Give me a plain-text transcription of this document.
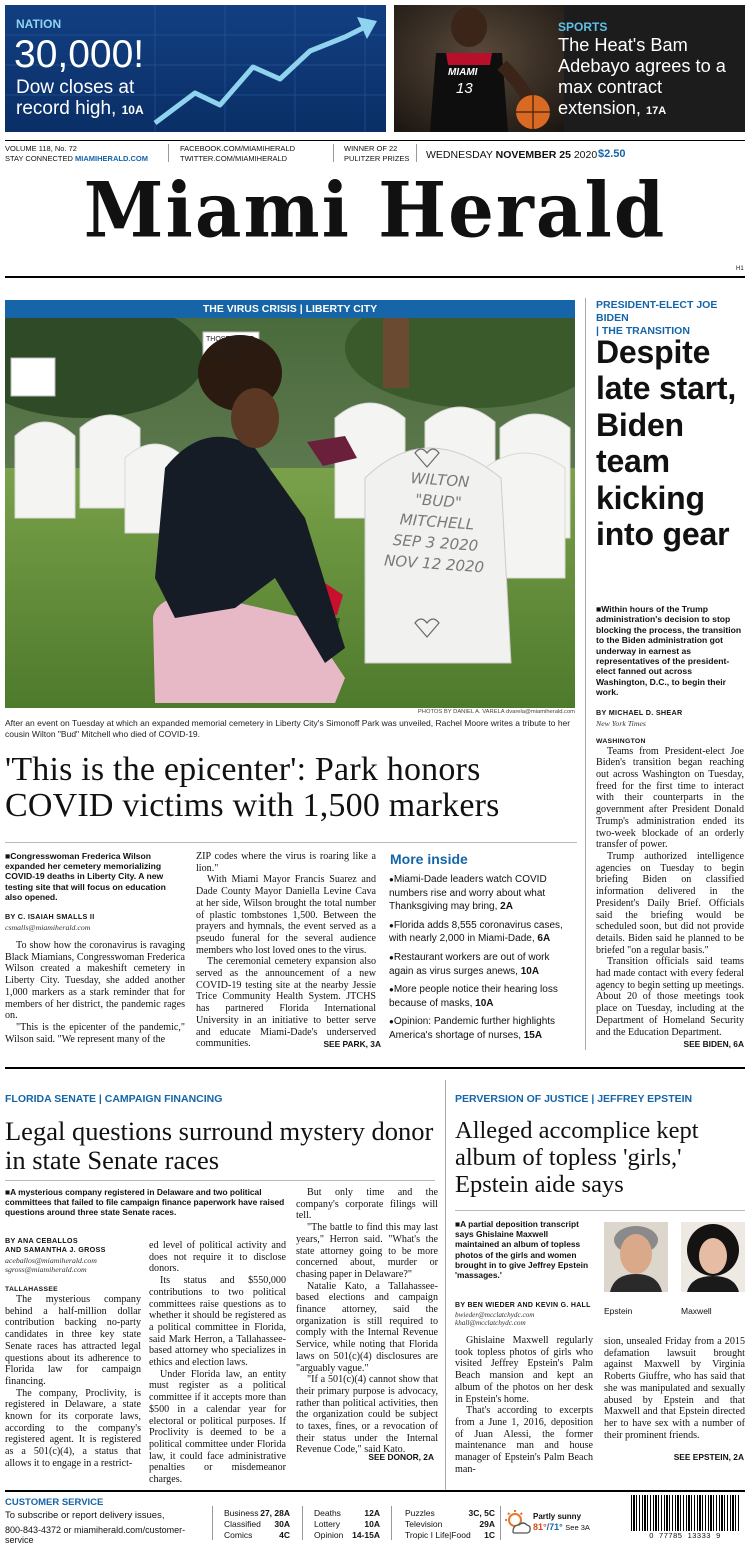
NATION
30,000!
Dow closes at record high, 10A
MIAMI
13
SPORTS
The Heat's Bam Adebayo agrees to a max contract extension, 17A
VOLUME 118, No. 72
STAY CONNECTED MIAMIHERALD.COM
FACEBOOK.COM/MIAMIHERALD
TWITTER.COM/MIAMIHERALD
WINNER OF 22
PULITZER PRIZES WEDNESDAY NOVEMBER 25 2020 $2.50
Miami Herald
H1
THE VIRUS CRISIS | LIBERTY CITY
THOSE WE'VE LOST TO COVID-19
WILTON
"BUD"
MITCHELL
SEP 3 2020
NOV 12 2020
PHOTOS BY DANIEL A. VARELA dvarela@miamiherald.com
After an event on Tuesday at which an expanded memorial cemetery in Liberty City's Simonoff Park was unveiled, Rachel Moore writes a tribute to her cousin Wilton "Bud" Mitchell who died of COVID-19.
'This is the epicenter': Park honors COVID victims with 1,500 markers

■ Congresswoman Frederica Wilson expanded her cemetery memorializing COVID-19 deaths in Liberty City. A new testing site that will focus on education also opened.

BY C. ISAIAH SMALLS II

csmalls@miamiherald.com

To show how the coronavirus is ravaging Black Miamians, Congresswoman Frederica Wilson created a makeshift cemetery in Liberty City. Tuesday, she added another 1,000 markers as a stark reminder that for members of her district, the pandemic rages on.

"This is the epicenter of the pandemic," Wilson said. "We represent many of the

ZIP codes where the virus is roaring like a lion."

With Miami Mayor Francis Suarez and Dade County Mayor Daniella Levine Cava at her side, Wilson brought the total number of plastic tombstones 1,500. Between the prayers and hymnals, the event served as a pseudo funeral for the several audience members who lost loved ones to the virus.

The ceremonial cemetery expansion also served as the announcement of a new COVID-19 testing site at the nearby Jessie Trice Community Health System. JTCHS has partnered Florida International University in an initiative to better serve and educate Miami-Dade's underserved communities.	SEE PARK, 3A
More inside
●Miami-Dade leaders watch COVID numbers rise and worry about what Thanksgiving may bring, 2A
●Florida adds 8,555 coronavirus cases, with nearly 2,000 in Miami-Dade, 6A
●Restaurant workers are out of work again as virus surges anews, 10A
●More people notice their hearing loss because of masks, 10A
●Opinion: Pandemic further highlights America's shortage of nurses, 15A
PRESIDENT-ELECT JOE BIDEN
| THE TRANSITION
Despite late start, Biden team kicking into gear

■ Within hours of the Trump administration's decision to stop blocking the process, the transition to the Biden administration got underway in earnest as representatives of the president-elect fanned out across Washington, D.C., to begin their work.

BY MICHAEL D. SHEAR

New York Times

WASHINGTON

Teams from President-elect Joe Biden's transition began reaching out across Washington on Tuesday, freed for the first time to interact with their counterparts in the government after President Donald Trump's administration ended its two-week blockade of an orderly transfer of power.

Trump authorized intelligence agencies on Tuesday to begin briefing Biden on classified information delivered in the President's Daily Brief. Officials said the briefing would be scheduled soon, but did not provide details. Biden said he planned to be briefed "on a regular basis."

Transition officials said teams had made contact with every federal agency to begin setting up meetings. About 20 of those meetings took place on Tuesday, including at the Department of Homeland Security and the Education Department.

SEE BIDEN, 6A
FLORIDA SENATE | CAMPAIGN FINANCING
Legal questions surround mystery donor in state Senate races

■ A mysterious company registered in Delaware and two political committees that failed to file campaign finance paperwork have raised questions around three state Senate races.

BY ANA CEBALLOS

AND SAMANTHA J. GROSS

aceballos@miamiherald.com

sgross@miamiherald.com

TALLAHASSEE

The mysterious company behind a half-million dollar contribution backing no-party candidates in three key state Senate races has attracted legal questions about its adherence to Florida law for campaign financing.

The company, Proclivity, is registered in Delaware, a state known for its corporate laws, according to the company's registered agent. It is registered as a 501(c)(4), a status that allows it to engage in a restrict-

ed level of political activity and does not require it to disclose donors.

Its status and $550,000 contributions to two political committees raise questions as to whether it should be registered as a political committee in Florida, said Mark Herron, a Tallahassee-based attorney who specializes in ethics and election laws.

Under Florida law, an entity must register as a political committee if it accepts more than $500 in a calendar year for electoral or political purposes. If Proclivity is deemed to be a political committee under Florida law, it could face administrative penalties or misdemeanor charges.

But only time and the company's corporate filings will tell.

"The battle to find this may last years," Herron said. "What's the state attorney going to be more concerned about, murder or chasing paper in Delaware?"

Natalie Kato, a Tallahassee-based elections and campaign finance attorney, said the organization is still required to comply with the Internal Revenue Service, while noting that Florida laws on 501(c)(4) disclosures are "arguably vague."

"If a 501(c)(4) cannot show that their primary purpose is advocacy, rather than political activities, then the organization could be subject to taxes, fines, or a revocation of their status under the Internal Revenue Code," said Kato.

SEE DONOR, 2A
PERVERSION OF JUSTICE | JEFFREY EPSTEIN
Alleged accomplice kept album of topless 'girls,' Epstein aide says

■ A partial deposition transcript says Ghislaine Maxwell maintained an album of topless photos of the girls and women brought in to give Jeffrey Epstein 'massages.'

Epstein	Maxwell

BY BEN WIEDER AND KEVIN G. HALL

bwieder@mcclatchydc.com

khall@mcclatchydc.com

Ghislaine Maxwell regularly took topless photos of girls who visited Jeffrey Epstein's Palm Beach mansion and kept an album of the photos on her desk in Epstein's home.

That's according to excerpts from a June 1, 2016, deposition of Juan Alessi, the former maintenance man and house manager of Epstein's Palm Beach man-

sion, unsealed Friday from a 2015 defamation lawsuit brought against Maxwell by Virginia Roberts Giuffre, who has said that she was manipulated and sexually abused by Epstein and that Maxwell and that Epstein directed her to have sex with a number of their prominent friends.

SEE EPSTEIN, 2A
CUSTOMER SERVICE
To subscribe or report delivery issues,
800-843-4372 or miamiherald.com/customer-service
Business 27, 28A
Classified 30A
Comics	4C
Deaths	12A
Lottery	10A
Opinion 14-15A
Puzzles	3C, 5C
Television	29A
Tropic I Life|Food 1C
Partly sunny
81°/71° See 3A
0  77785  13333  9
